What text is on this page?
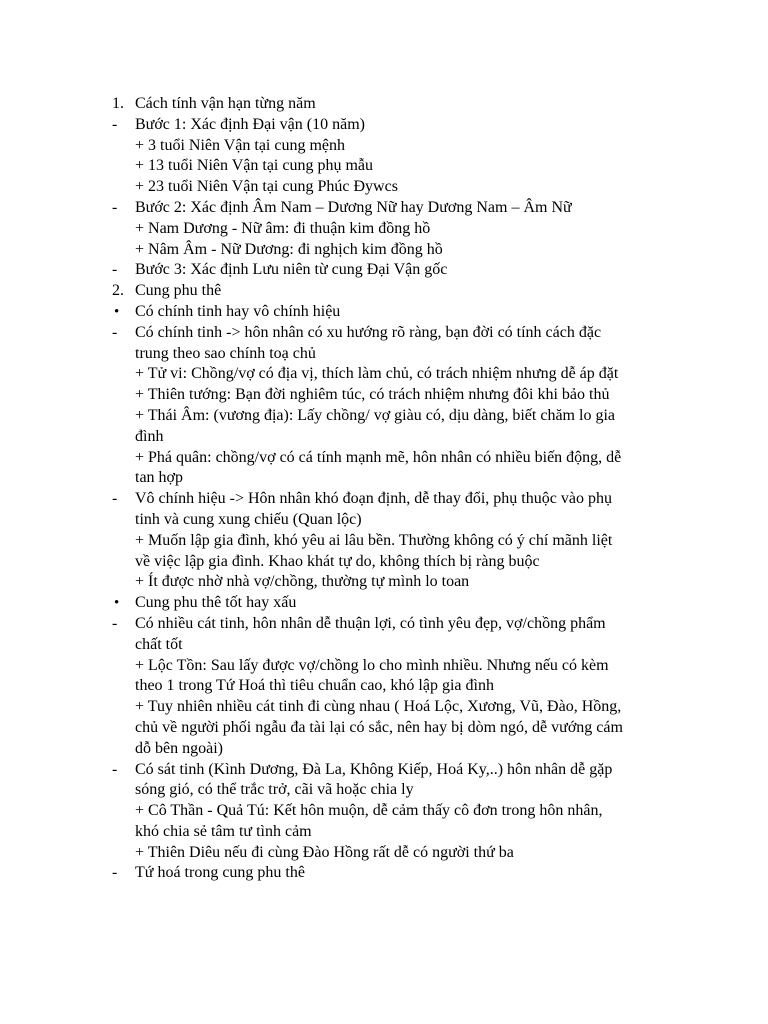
1. Cách tính vận hạn từng năm
- Bước 1: Xác định Đại vận (10 năm)
+ 3 tuổi Niên Vận tại cung mệnh
+ 13 tuổi Niên Vận tại cung phụ mẫu
+ 23 tuổi Niên Vận tại cung Phúc Đywcs
- Bước 2: Xác định Âm Nam – Dương Nữ hay Dương Nam – Âm Nữ
+ Nam Dương - Nữ âm: đi thuận kim đồng hồ
+ Nâm Âm - Nữ Dương: đi nghịch kim đồng hồ
- Bước 3: Xác định Lưu niên từ cung Đại Vận gốc
2. Cung phu thê
• Có chính tinh hay vô chính hiệu
- Có chính tinh -> hôn nhân có xu hướng rõ ràng, bạn đời có tính cách đặc
trung theo sao chính toạ chủ
+ Tử vi: Chồng/vợ có địa vị, thích làm chủ, có trách nhiệm nhưng dễ áp đặt
+ Thiên tướng: Bạn đời nghiêm túc, có trách nhiệm nhưng đôi khi bảo thủ
+ Thái Âm: (vương địa): Lấy chồng/ vợ giàu có, dịu dàng, biết chăm lo gia
đình
+ Phá quân: chồng/vợ có cá tính mạnh mẽ, hôn nhân có nhiều biến động, dễ
tan hợp
- Vô chính hiệu -> Hôn nhân khó đoạn định, dễ thay đổi, phụ thuộc vào phụ
tinh và cung xung chiếu (Quan lộc)
+ Muốn lập gia đình, khó yêu ai lâu bền. Thường không có ý chí mãnh liệt
về việc lập gia đình. Khao khát tự do, không thích bị ràng buộc
+ Ít được nhờ nhà vợ/chồng, thường tự mình lo toan
• Cung phu thê tốt hay xấu
- Có nhiều cát tinh, hôn nhân dễ thuận lợi, có tình yêu đẹp, vợ/chồng phẩm
chất tốt
+ Lộc Tồn: Sau lấy được vợ/chồng lo cho mình nhiều. Nhưng nếu có kèm
theo 1 trong Tứ Hoá thì tiêu chuẩn cao, khó lập gia đình
+ Tuy nhiên nhiều cát tinh đi cùng nhau ( Hoá Lộc, Xương, Vũ, Đào, Hồng,
chủ về người phối ngẫu đa tài lại có sắc, nên hay bị dòm ngó, dễ vướng cám
dỗ bên ngoài)
- Có sát tinh (Kình Dương, Đà La, Không Kiếp, Hoá Ky,..) hôn nhân dễ gặp
sóng gió, có thể trắc trở, cãi vã hoặc chia ly
+ Cô Thần - Quả Tú: Kết hôn muộn, dễ cảm thấy cô đơn trong hôn nhân,
khó chia sẻ tâm tư tình cảm
+ Thiên Diêu nếu đi cùng Đào Hồng rất dễ có người thứ ba
- Tứ hoá trong cung phu thê
